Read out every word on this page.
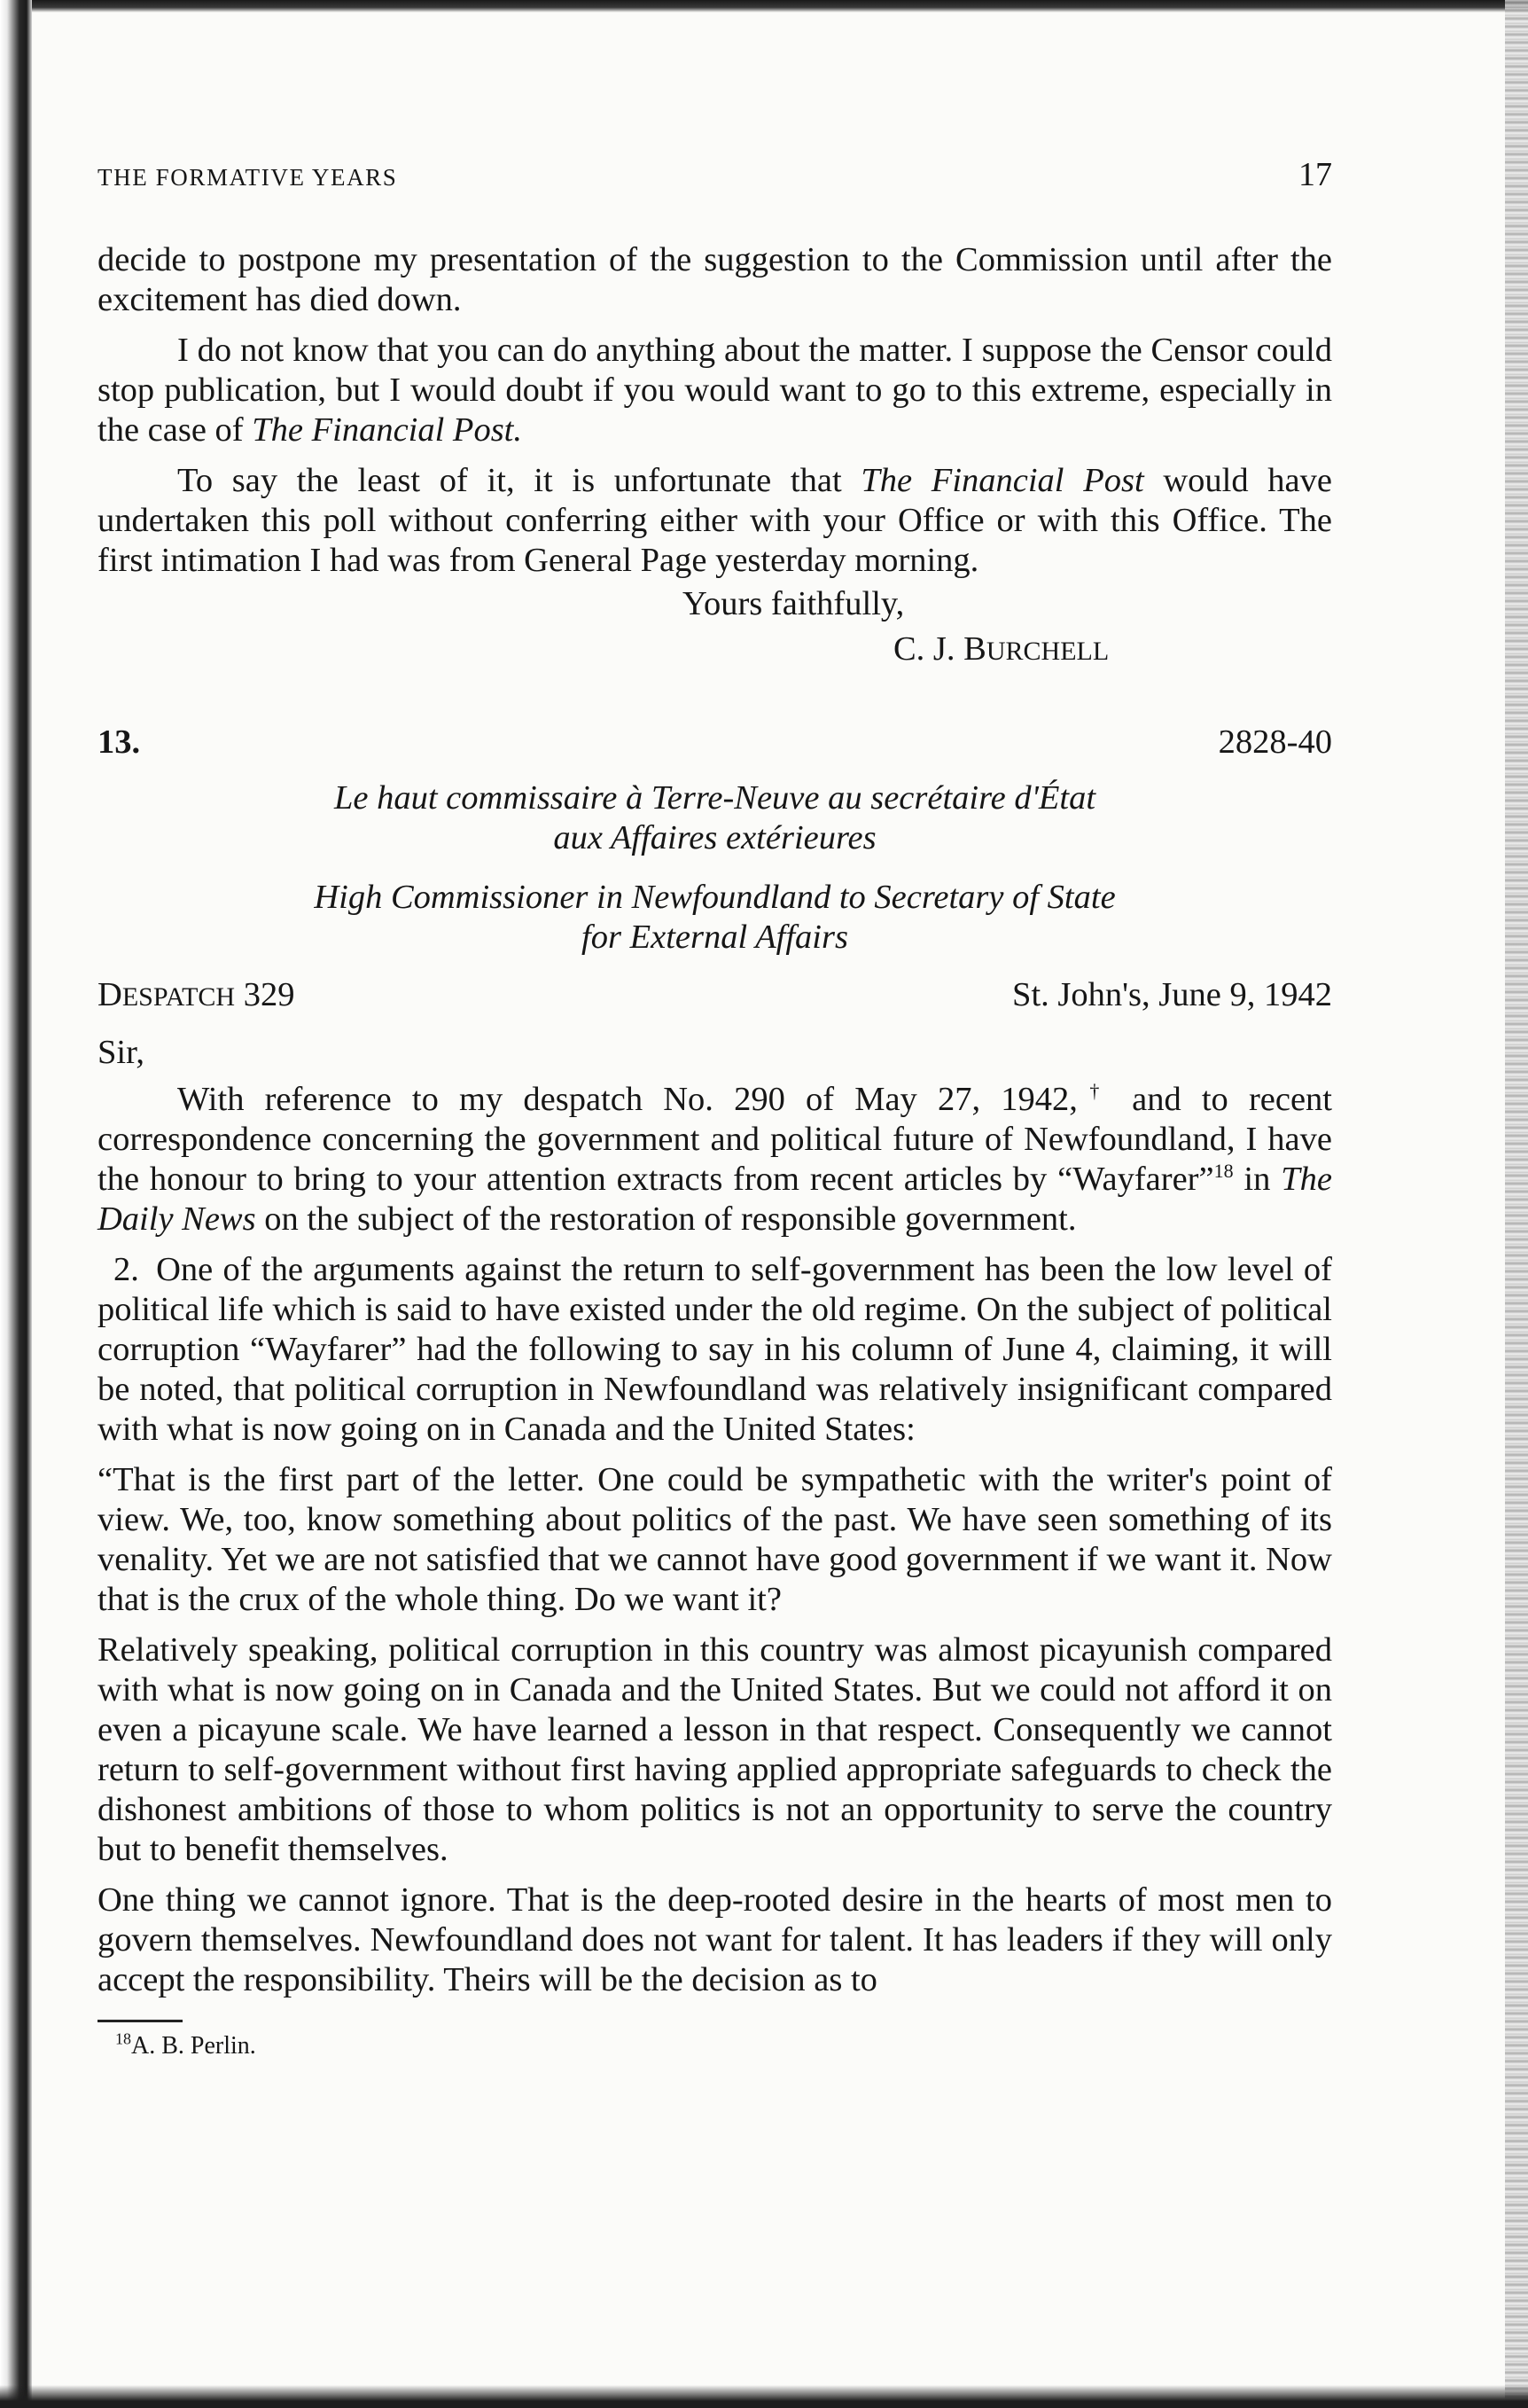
THE FORMATIVE YEARS	17

decide to postpone my presentation of the suggestion to the Commission until after the excitement has died down.

I do not know that you can do anything about the matter. I suppose the Censor could stop publication, but I would doubt if you would want to go to this extreme, especially in the case of The Financial Post.

To say the least of it, it is unfortunate that The Financial Post would have undertaken this poll without conferring either with your Office or with this Office. The first intimation I had was from General Page yesterday morning.

Yours faithfully,
C. J. BURCHELL
13.	2828-40
Le haut commissaire à Terre-Neuve au secrétaire d'État
aux Affaires extérieures
High Commissioner in Newfoundland to Secretary of State
for External Affairs
DESPATCH 329	St. John's, June 9, 1942
Sir,

With reference to my despatch No. 290 of May 27, 1942,† and to recent correspondence concerning the government and political future of Newfoundland, I have the honour to bring to your attention extracts from recent articles by “Wayfarer”$^{18}$ in The Daily News on the subject of the restoration of responsible government.

2. One of the arguments against the return to self-government has been the low level of political life which is said to have existed under the old regime. On the subject of political corruption “Wayfarer” had the following to say in his column of June 4, claiming, it will be noted, that political corruption in Newfoundland was relatively insignificant compared with what is now going on in Canada and the United States:

“That is the first part of the letter. One could be sympathetic with the writer's point of view. We, too, know something about politics of the past. We have seen something of its venality. Yet we are not satisfied that we cannot have good government if we want it. Now that is the crux of the whole thing. Do we want it?

Relatively speaking, political corruption in this country was almost picayunish compared with what is now going on in Canada and the United States. But we could not afford it on even a picayune scale. We have learned a lesson in that respect. Consequently we cannot return to self-government without first having applied appropriate safeguards to check the dishonest ambitions of those to whom politics is not an opportunity to serve the country but to benefit themselves.

One thing we cannot ignore. That is the deep-rooted desire in the hearts of most men to govern themselves. Newfoundland does not want for talent. It has leaders if they will only accept the responsibility. Theirs will be the decision as to

$^{18}$A. B. Perlin.
